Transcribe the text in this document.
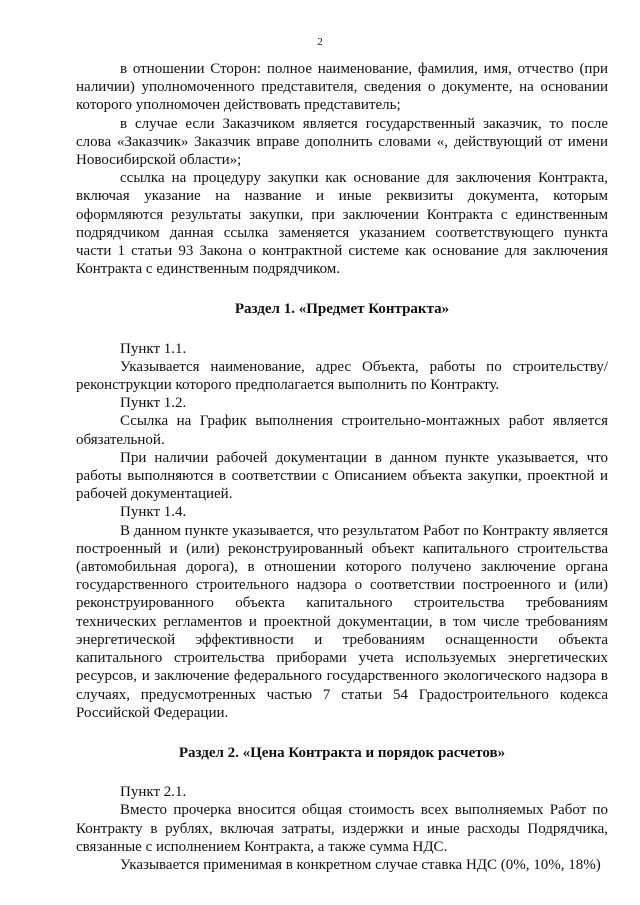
2

в отношении Сторон: полное наименование, фамилия, имя, отчество (при наличии) уполномоченного представителя, сведения о документе, на основании которого уполномочен действовать представитель;

в случае если Заказчиком является государственный заказчик, то после слова «Заказчик» Заказчик вправе дополнить словами «, действующий от имени Новосибирской области»;

ссылка на процедуру закупки как основание для заключения Контракта, включая указание на название и иные реквизиты документа, которым оформляются результаты закупки, при заключении Контракта с единственным подрядчиком данная ссылка заменяется указанием соответствующего пункта части 1 статьи 93 Закона о контрактной системе как основание для заключения Контракта с единственным подрядчиком.

Раздел 1. «Предмет Контракта»

Пункт 1.1.

Указывается наименование, адрес Объекта, работы по строительству/реконструкции которого предполагается выполнить по Контракту.

Пункт 1.2.

Ссылка на График выполнения строительно-монтажных работ является обязательной.

При наличии рабочей документации в данном пункте указывается, что работы выполняются в соответствии с Описанием объекта закупки, проектной и рабочей документацией.

Пункт 1.4.

В данном пункте указывается, что результатом Работ по Контракту является построенный и (или) реконструированный объект капитального строительства (автомобильная дорога), в отношении которого получено заключение органа государственного строительного надзора о соответствии построенного и (или) реконструированного объекта капитального строительства требованиям технических регламентов и проектной документации, в том числе требованиям энергетической эффективности и требованиям оснащенности объекта капитального строительства приборами учета используемых энергетических ресурсов, и заключение федерального государственного экологического надзора в случаях, предусмотренных частью 7 статьи 54 Градостроительного кодекса Российской Федерации.

Раздел 2. «Цена Контракта и порядок расчетов»

Пункт 2.1.

Вместо прочерка вносится общая стоимость всех выполняемых Работ по Контракту в рублях, включая затраты, издержки и иные расходы Подрядчика, связанные с исполнением Контракта, а также сумма НДС.

Указывается применимая в конкретном случае ставка НДС (0%, 10%, 18%)
